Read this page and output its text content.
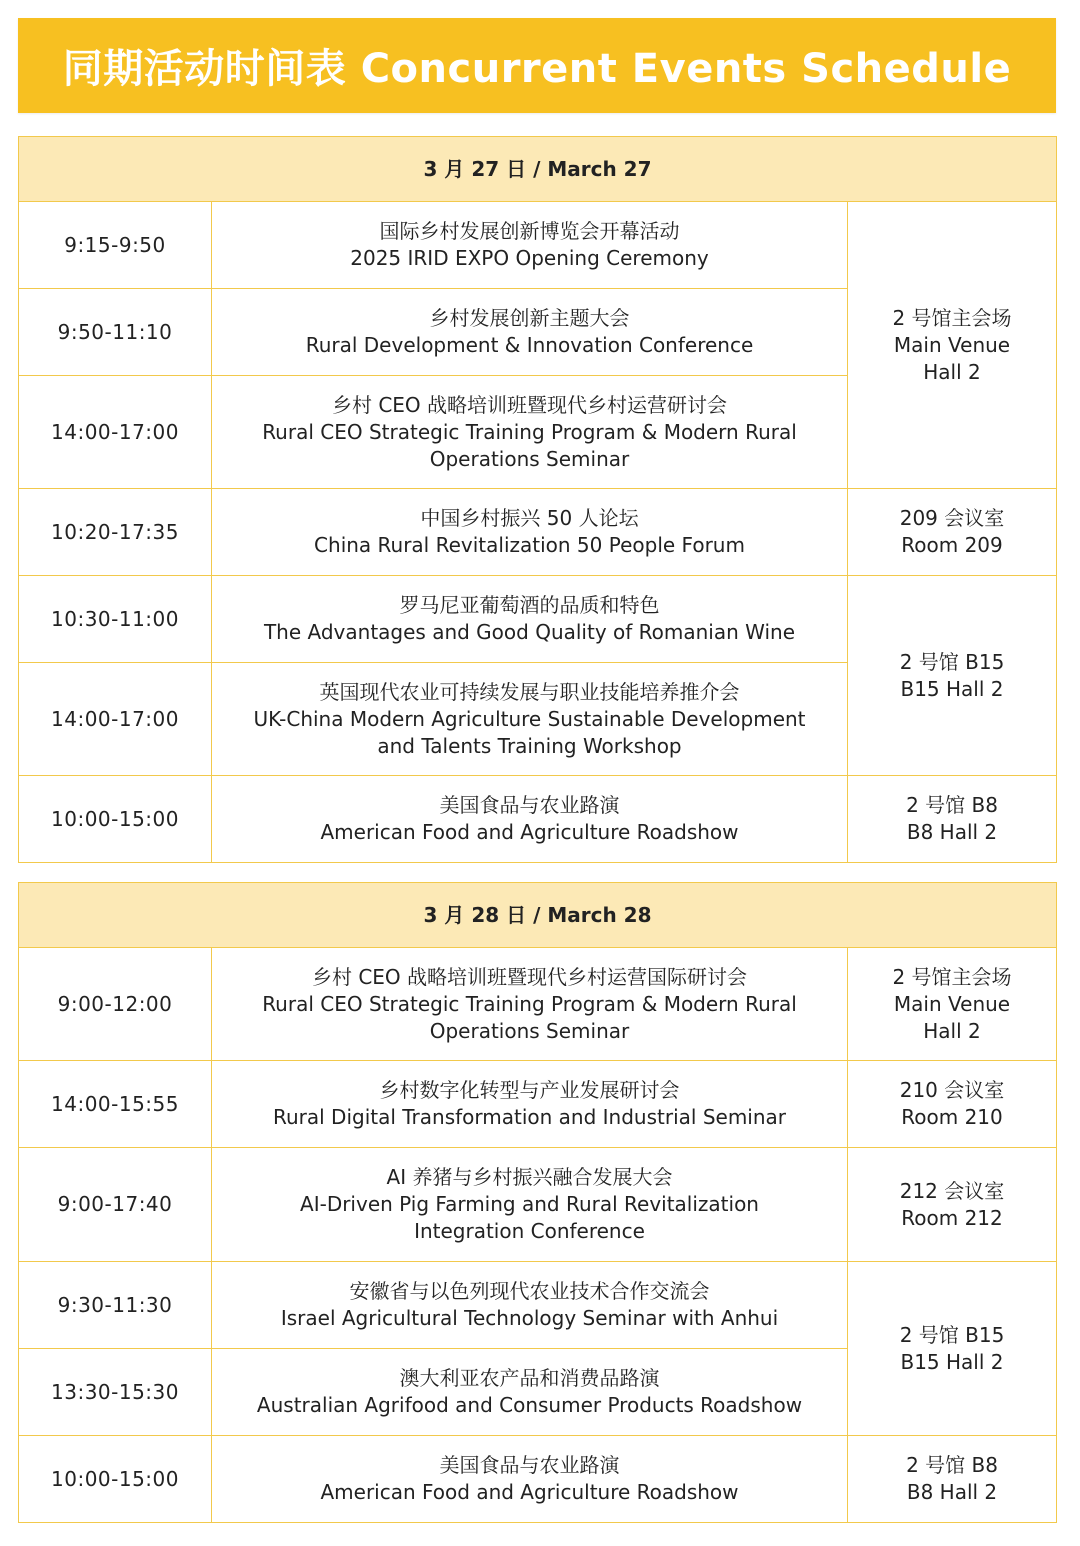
同期活动时间表 Concurrent Events Schedule
3 月 27 日 / March 27		
9:15-9:50	国际乡村发展创新博览会开幕活动
2025 IRID EXPO Opening Ceremony	2 号馆主会场
Main Venue
Hall 2

9:50-11:10	乡村发展创新主题大会
Rural Development & Innovation Conference	

14:00-17:00	乡村 CEO 战略培训班暨现代乡村运营研讨会
Rural CEO Strategic Training Program & Modern Rural
Operations Seminar	

10:20-17:35	中国乡村振兴 50 人论坛
China Rural Revitalization 50 People Forum	209 会议室
Room 209

10:30-11:00	罗马尼亚葡萄酒的品质和特色
The Advantages and Good Quality of Romanian Wine	2 号馆 B15
B15 Hall 2

14:00-17:00	英国现代农业可持续发展与职业技能培养推介会
UK-China Modern Agriculture Sustainable Development
and Talents Training Workshop	

10:00-15:00	美国食品与农业路演
American Food and Agriculture Roadshow	2 号馆 B8
B8 Hall 2
3 月 28 日 / March 28		
9:00-12:00	乡村 CEO 战略培训班暨现代乡村运营国际研讨会
Rural CEO Strategic Training Program & Modern Rural
Operations Seminar	2 号馆主会场
Main Venue
Hall 2

14:00-15:55	乡村数字化转型与产业发展研讨会
Rural Digital Transformation and Industrial Seminar	210 会议室
Room 210

9:00-17:40	AI 养猪与乡村振兴融合发展大会
AI-Driven Pig Farming and Rural Revitalization
Integration Conference	212 会议室
Room 212

9:30-11:30	安徽省与以色列现代农业技术合作交流会
Israel Agricultural Technology Seminar with Anhui	2 号馆 B15
B15 Hall 2

13:30-15:30	澳大利亚农产品和消费品路演
Australian Agrifood and Consumer Products Roadshow	

10:00-15:00	美国食品与农业路演
American Food and Agriculture Roadshow	2 号馆 B8
B8 Hall 2
